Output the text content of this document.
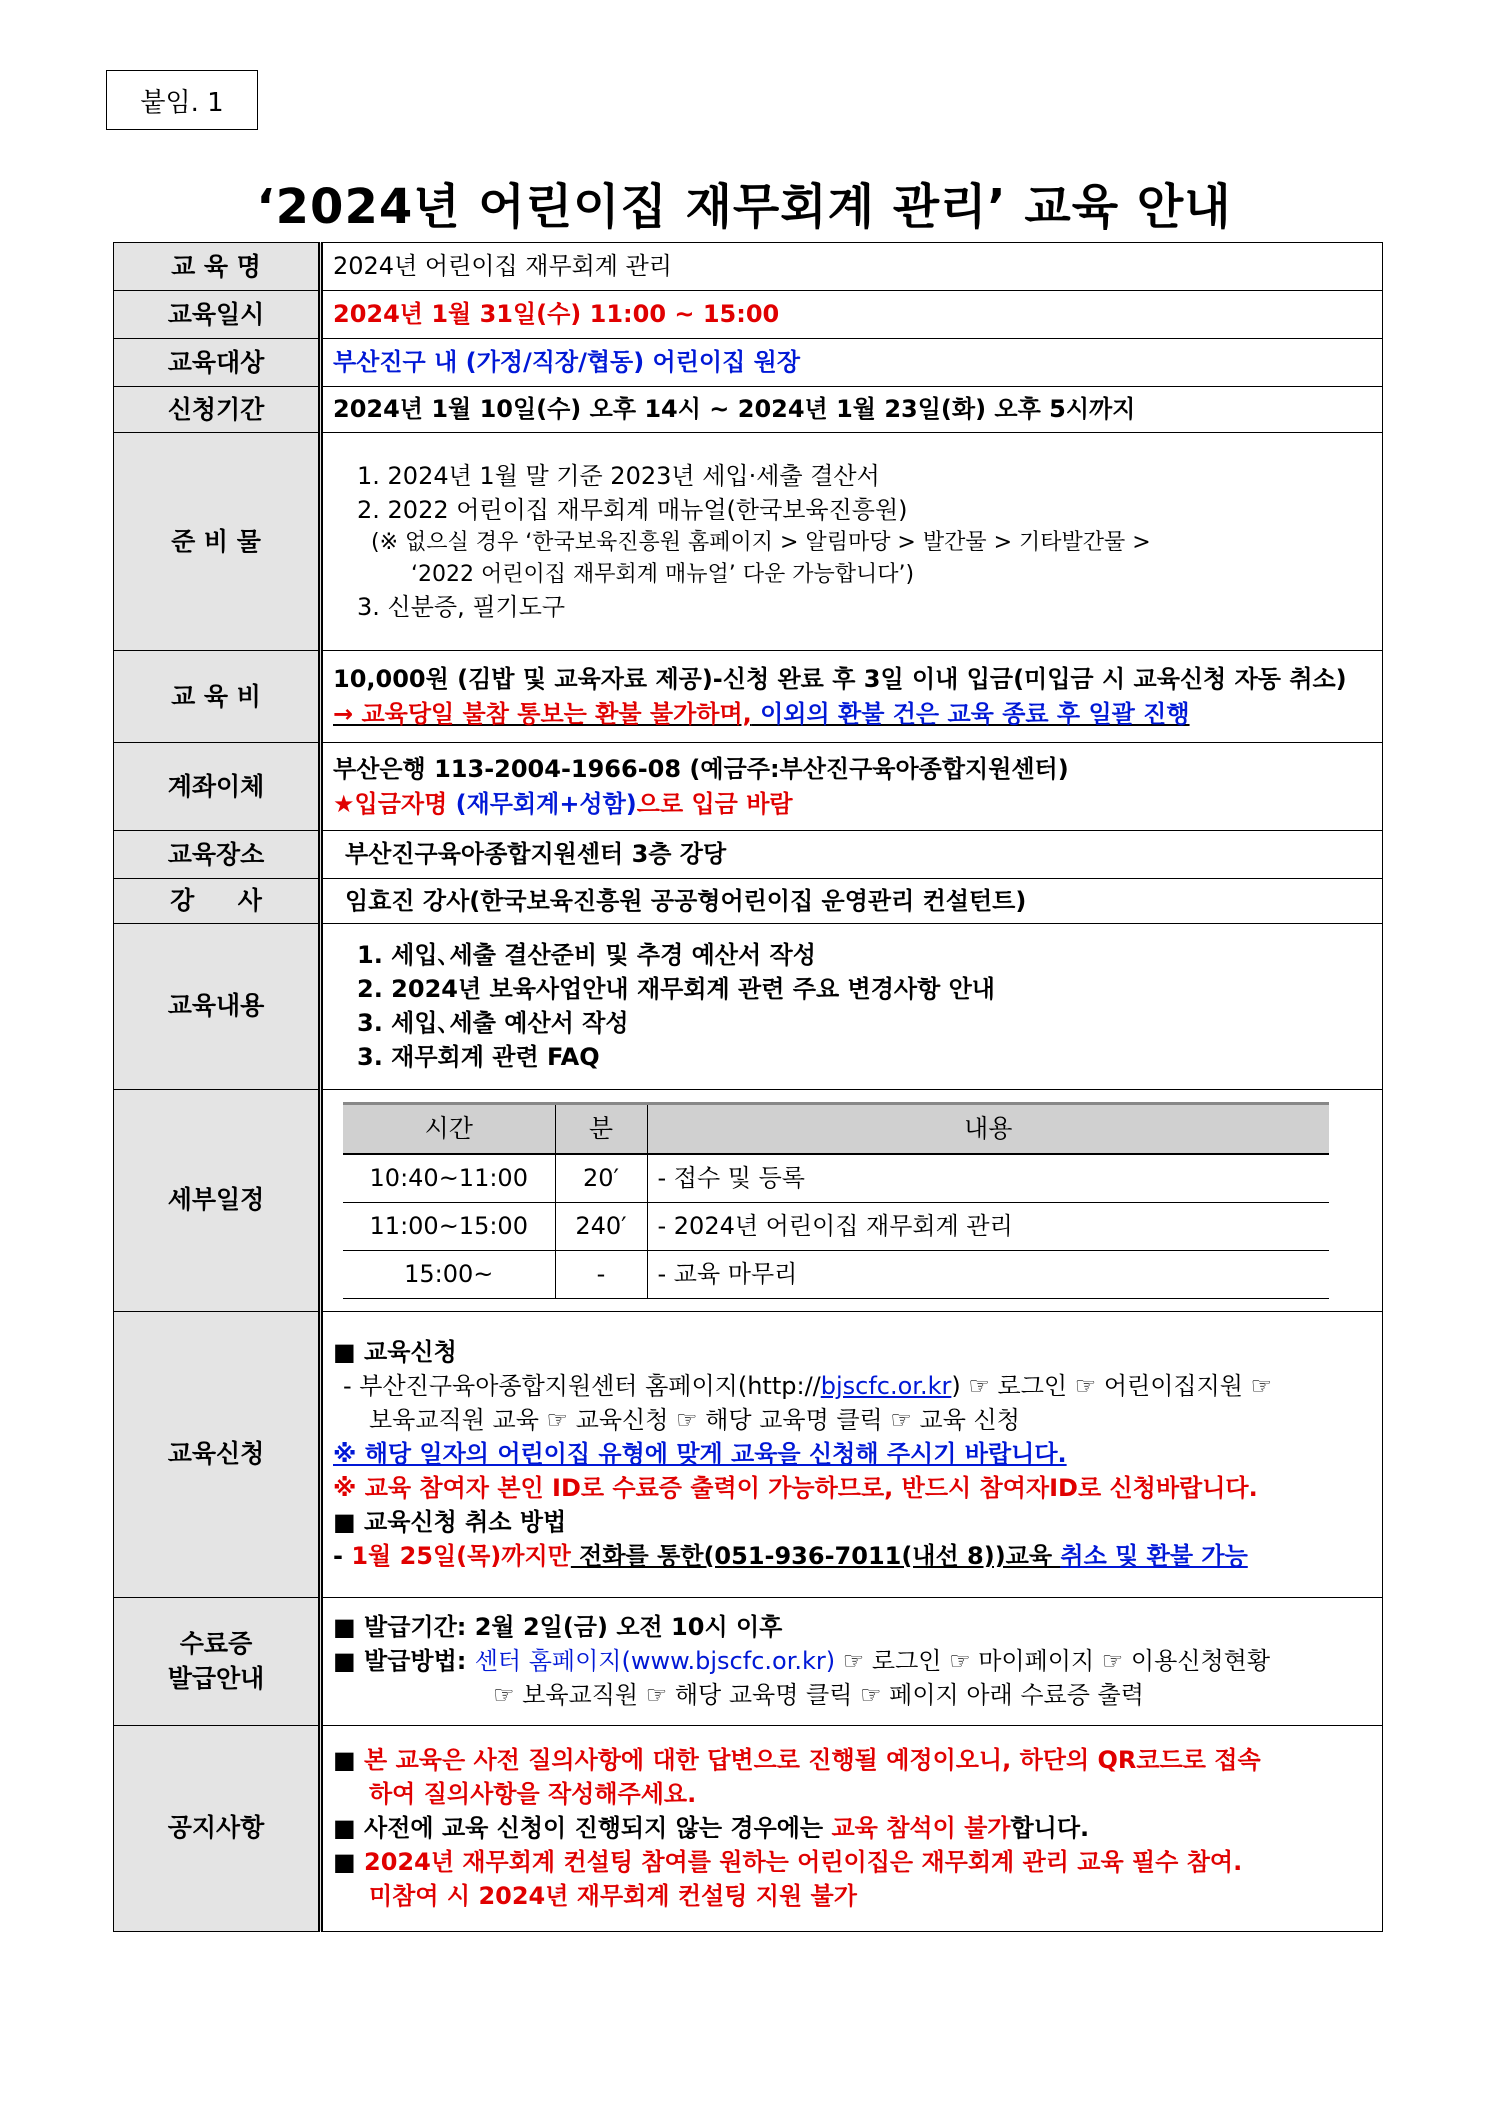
붙임. 1
‘2024년 어린이집 재무회계 관리’ 교육 안내
교 육 명	2024년 어린이집 재무회계 관리
교육일시	2024년 1월 31일(수) 11:00 ~ 15:00
교육대상	부산진구 내 (가정/직장/협동) 어린이집 원장
신청기간	2024년 1월 10일(수) 오후 14시 ~ 2024년 1월 23일(화) 오후 5시까지
준 비 물	
1. 2024년 1월 말 기준 2023년 세입·세출 결산서
2. 2022 어린이집 재무회계 매뉴얼(한국보육진흥원)
(※ 없으실 경우 ‘한국보육진흥원 홈페이지 > 알림마당 > 발간물 > 기타발간물 >
‘2022 어린이집 재무회계 매뉴얼’ 다운 가능합니다’)
3. 신분증, 필기도구

교 육 비	
10,000원 (김밥 및 교육자료 제공)-신청 완료 후 3일 이내 입금(미입금 시 교육신청 자동 취소)
→ 교육당일 불참 통보는 환불 불가하며, 이외의 환불 건은 교육 종료 후 일괄 진행

계좌이체	
부산은행 113-2004-1966-08 (예금주:부산진구육아종합지원센터)
★입금자명 (재무회계+성함)으로 입금 바람

교육장소	부산진구육아종합지원센터 3층 강당
강     사	임효진 강사(한국보육진흥원 공공형어린이집 운영관리 컨설턴트)
교육내용	
1. 세입､세출 결산준비 및 추경 예산서 작성
2. 2024년 보육사업안내 재무회계 관련 주요 변경사항 안내
3. 세입､세출 예산서 작성
3. 재무회계 관련 FAQ

세부일정	
시간	분	내용
10:40~11:00	20′	- 접수 및 등록
11:00~15:00	240′	- 2024년 어린이집 재무회계 관리
15:00~	-	- 교육 마무리

교육신청	
■ 교육신청
- 부산진구육아종합지원센터 홈페이지(http://bjscfc.or.kr) ☞ 로그인 ☞ 어린이집지원 ☞
보육교직원 교육 ☞ 교육신청 ☞ 해당 교육명 클릭 ☞ 교육 신청
※ 해당 일자의 어린이집 유형에 맞게 교육을 신청해 주시기 바랍니다.
※ 교육 참여자 본인 ID로 수료증 출력이 가능하므로, 반드시 참여자ID로 신청바랍니다.
■ 교육신청 취소 방법
- 1월 25일(목)까지만 전화를 통한(051-936-7011(내선 8))교육 취소 및 환불 가능

수료증
발급안내

■ 발급기간: 2월 2일(금) 오전 10시 이후
■ 발급방법: 센터 홈페이지(www.bjscfc.or.kr) ☞ 로그인 ☞ 마이페이지 ☞ 이용신청현황
☞ 보육교직원 ☞ 해당 교육명 클릭 ☞ 페이지 아래 수료증 출력

공지사항	
■ 본 교육은 사전 질의사항에 대한 답변으로 진행될 예정이오니, 하단의 QR코드로 접속
하여 질의사항을 작성해주세요.
■ 사전에 교육 신청이 진행되지 않는 경우에는 교육 참석이 불가합니다.
■ 2024년 재무회계 컨설팅 참여를 원하는 어린이집은 재무회계 관리 교육 필수 참여.
미참여 시 2024년 재무회계 컨설팅 지원 불가
